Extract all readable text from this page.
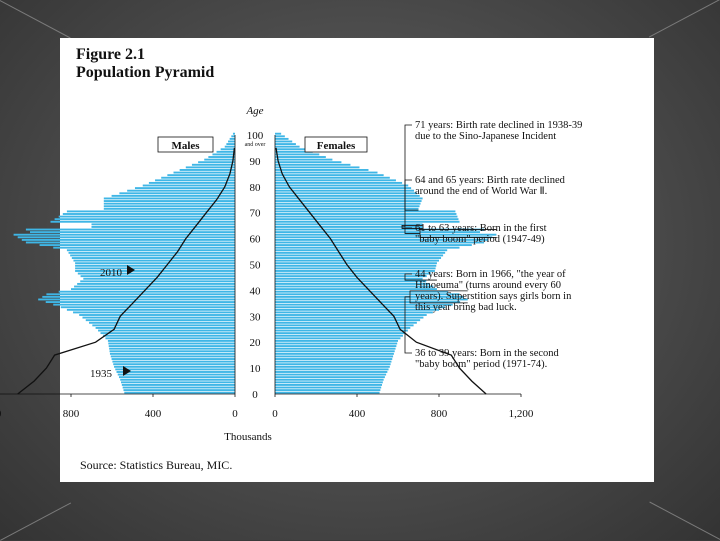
Figure 2.1
Population Pyramid
0
10
20
30
40
50
60
70
80
90
100
and over
Age
800	400	0	0	400	800	1,200
Thousands
Males	Females
2010
1935
71 years: Birth rate declined in 1938-39
due to the Sino-Japanese Incident
64 and 65 years: Birth rate declined
around the end of World War Ⅱ.
61 to 63 years: Born in the first
"baby boom" period (1947-49)
44 years: Born in 1966, "the year of
Hinoeuma" (turns around every 60
years). Superstition says girls born in
this year bring bad luck.
36 to 39 years: Born in the second
"baby boom" period (1971-74).
Source: Statistics Bureau, MIC.
